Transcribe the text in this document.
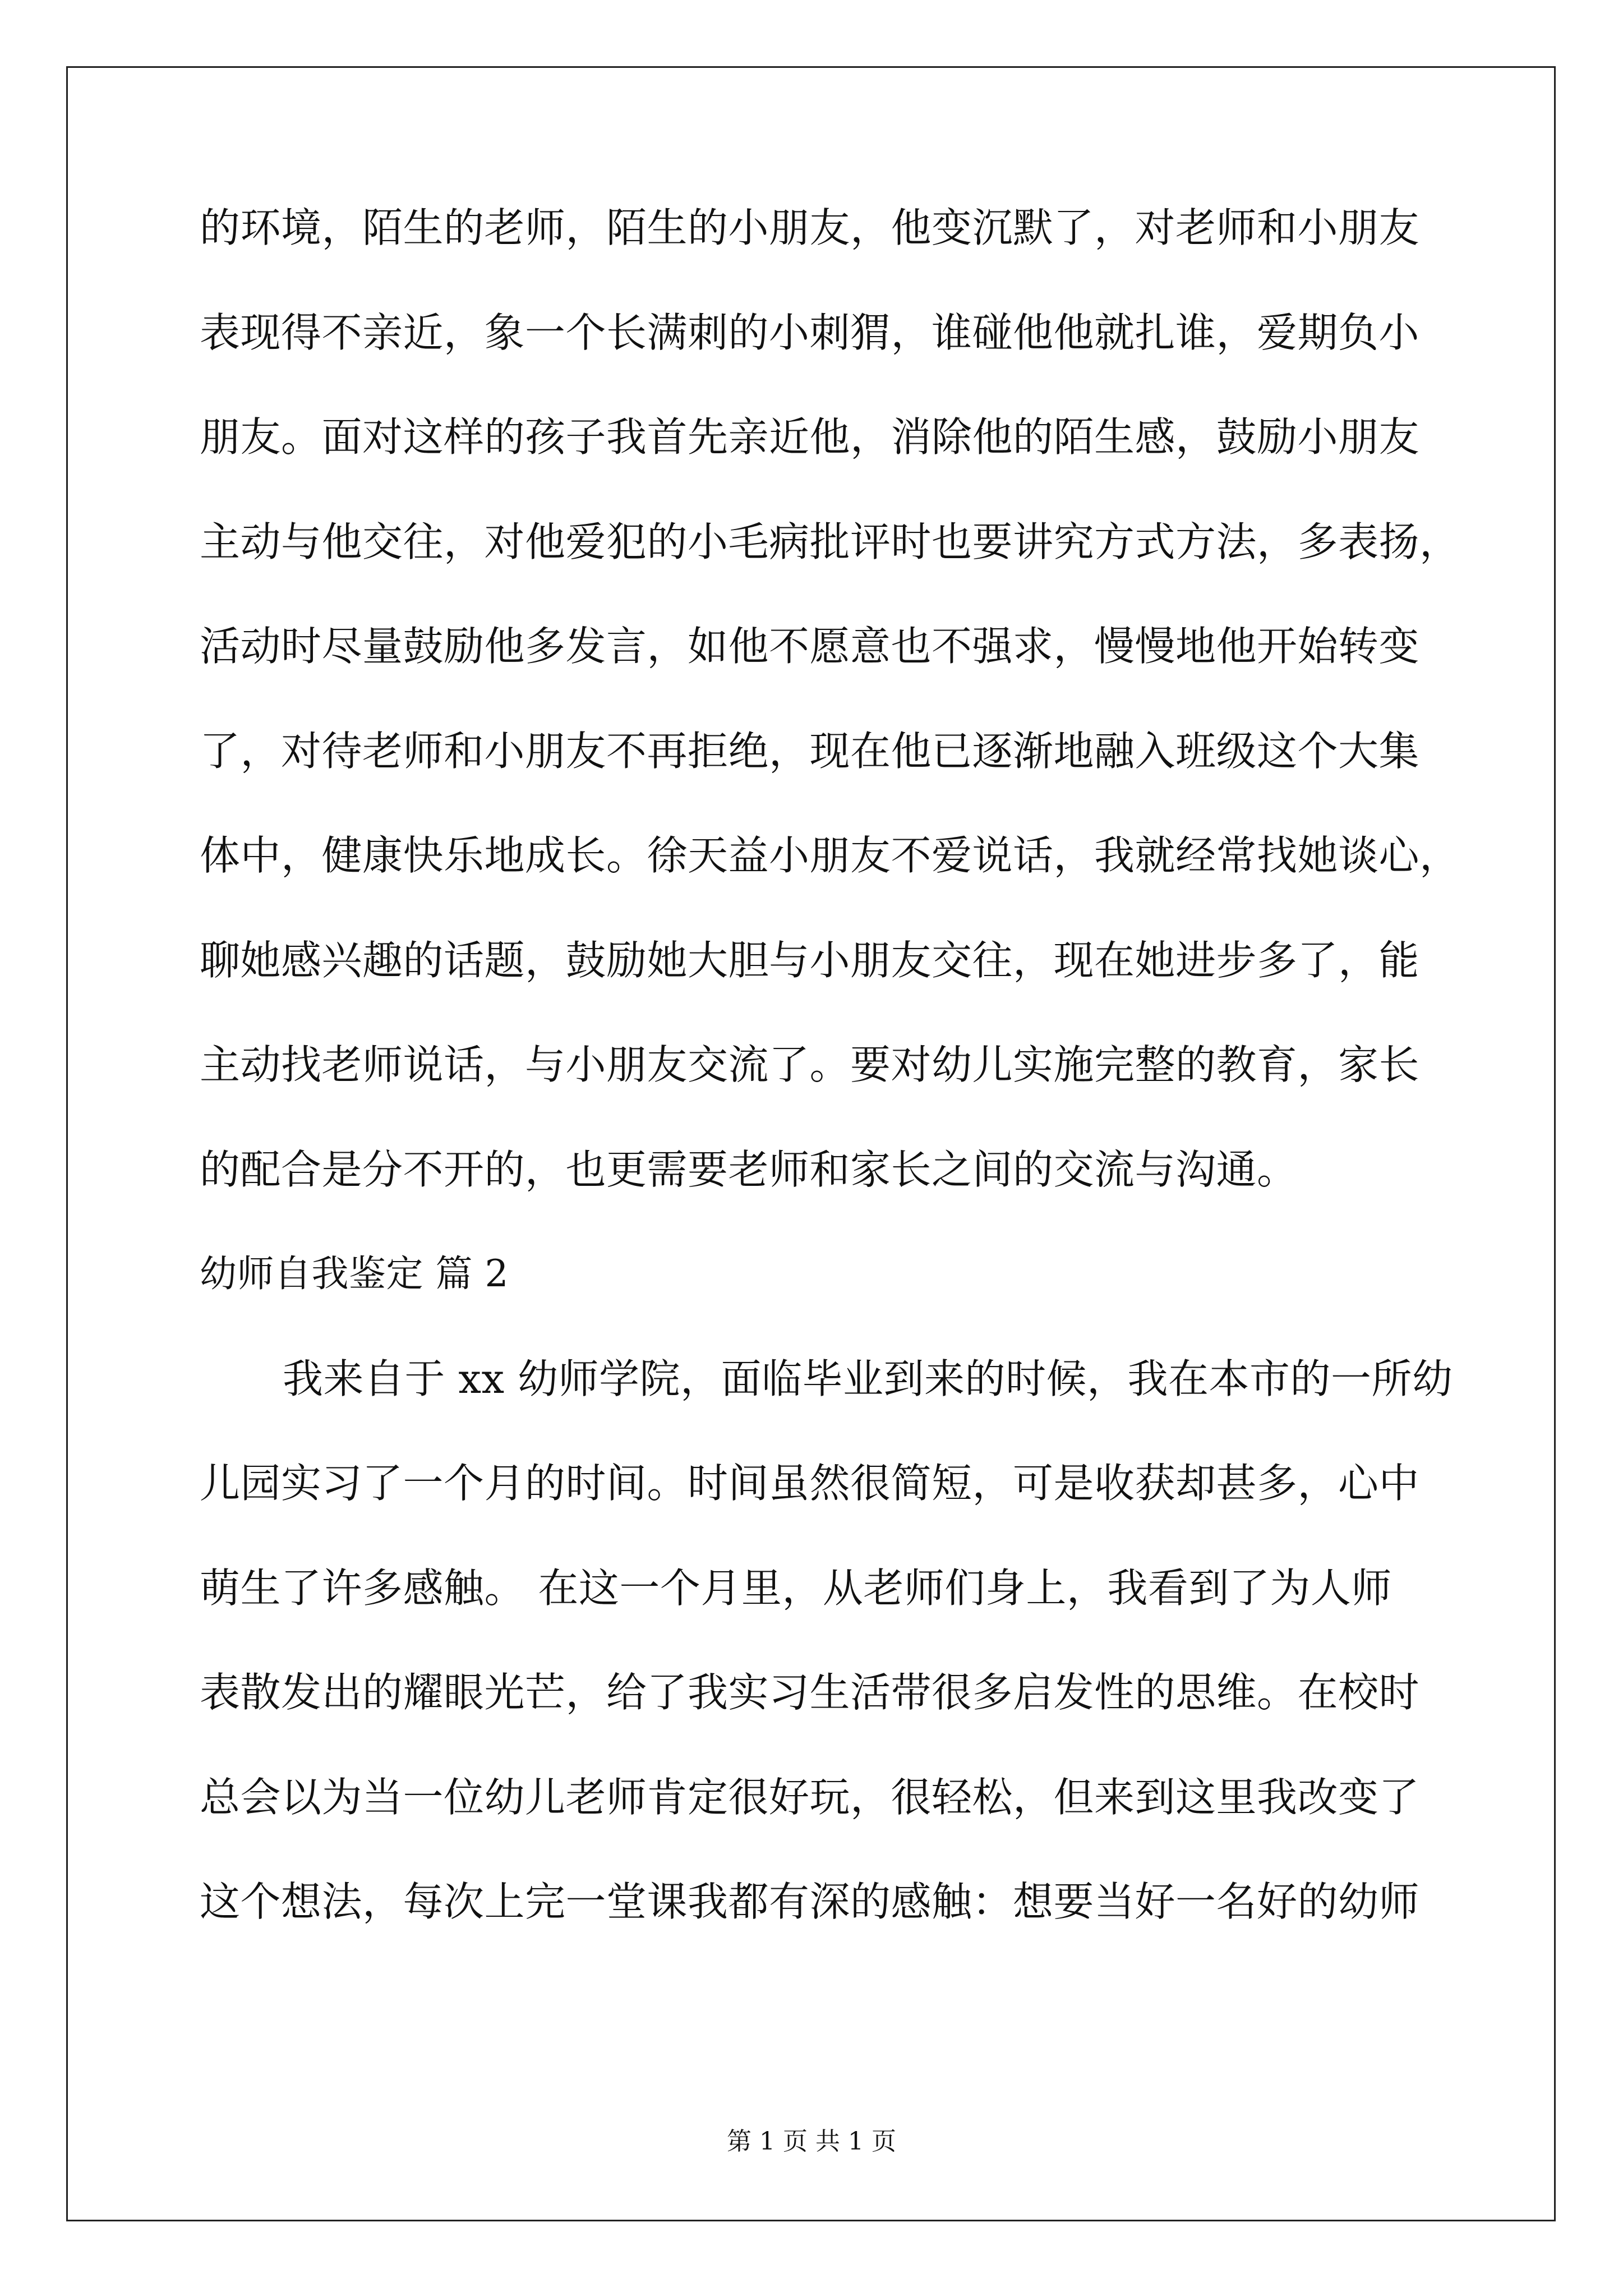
的环境，陌生的老师，陌生的小朋友，他变沉默了，对老师和小朋友
表现得不亲近，象一个长满刺的小刺猬，谁碰他他就扎谁，爱期负小
朋友。面对这样的孩子我首先亲近他，消除他的陌生感，鼓励小朋友
主动与他交往，对他爱犯的小毛病批评时也要讲究方式方法，多表扬，
活动时尽量鼓励他多发言，如他不愿意也不强求，慢慢地他开始转变
了，对待老师和小朋友不再拒绝，现在他已逐渐地融入班级这个大集
体中，健康快乐地成长。徐天益小朋友不爱说话，我就经常找她谈心，
聊她感兴趣的话题，鼓励她大胆与小朋友交往，现在她进步多了，能
主动找老师说话，与小朋友交流了。要对幼儿实施完整的教育，家长
的配合是分不开的，也更需要老师和家长之间的交流与沟通。
幼师自我鉴定 篇 2
我来自于 xx 幼师学院，面临毕业到来的时候，我在本市的一所幼
儿园实习了一个月的时间。时间虽然很简短，可是收获却甚多，心中
萌生了许多感触。 在这一个月里，从老师们身上，我看到了为人师
表散发出的耀眼光芒，给了我实习生活带很多启发性的思维。在校时
总会以为当一位幼儿老师肯定很好玩，很轻松，但来到这里我改变了
这个想法，每次上完一堂课我都有深的感触：想要当好一名好的幼师
第 1 页 共 1 页
